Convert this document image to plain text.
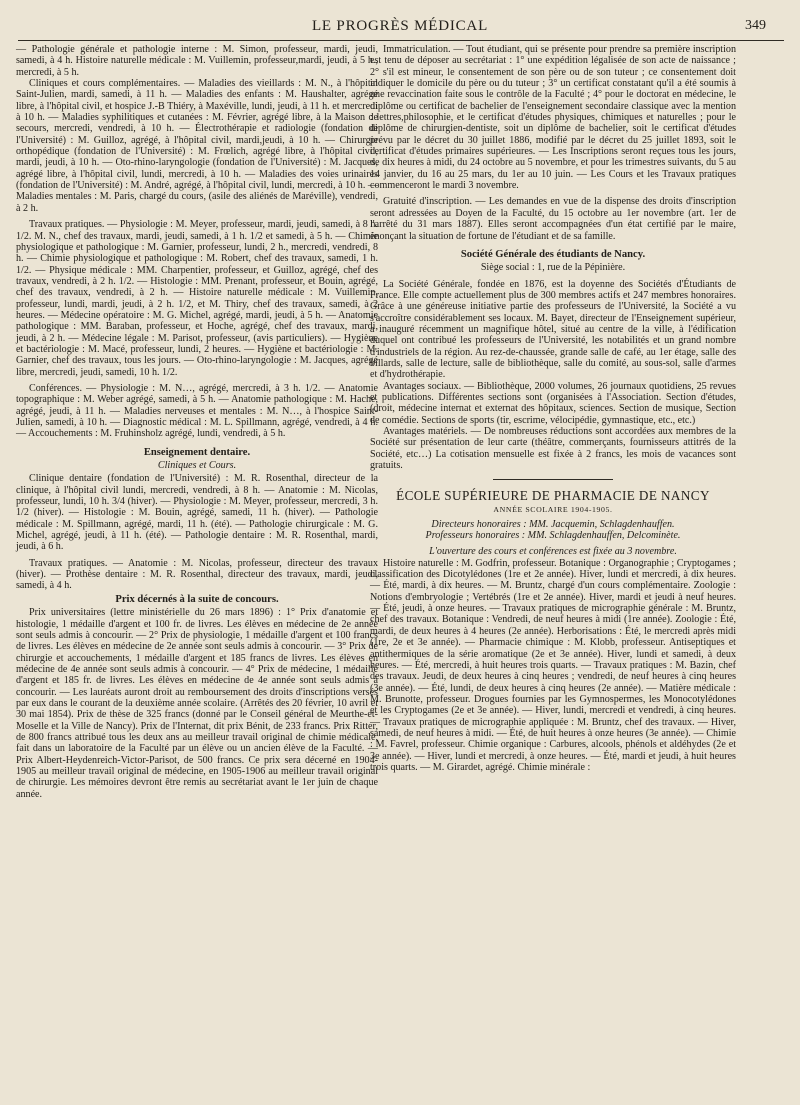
LE PROGRÈS MÉDICAL	349

— Pathologie générale et pathologie interne : M. Simon, professeur, mardi, jeudi, samedi, à 4 h. Histoire naturelle médicale : M. Vuillemin, professeur,mardi, jeudi, à 5 h., mercredi, à 5 h.

Cliniques et cours complémentaires. — Maladies des vieillards : M. N., à l'hôpital Saint-Julien, mardi, samedi, à 11 h. — Maladies des enfants : M. Haushalter, agrégé libre, à l'hôpital civil, et hospice J.-B Thiéry, à Maxéville, lundi, jeudi, à 11 h. et mercredi à 10 h. — Maladies syphilitiques et cutanées : M. Février, agrégé libre, à la Maison de secours, mercredi, vendredi, à 10 h. — Électrothérapie et radiologie (fondation de l'Université) : M. Guilloz, agrégé, à l'hôpital civil, mardi,jeudi, à 10 h. — Chirurgie orthopédique (fondation de l'Université) : M. Frœlich, agrégé libre, à l'hôpital civil, mardi, jeudi, à 10 h. — Oto-rhino-laryngologie (fondation de l'Université) : M. Jacques, agrégé libre, à l'hôpital civil, lundi, mercredi, à 10 h. — Maladies des voies urinaires (fondation de l'Université) : M. André, agrégé, à l'hôpital civil, lundi, mercredi, à 10 h. — Maladies mentales : M. Paris, chargé du cours, (asile des aliénés de Maréville), vendredi, à 2 h.

Travaux pratiques. — Physiologie : M. Meyer, professeur, mardi, jeudi, samedi, à 8 h. 1/2. M. N., chef des travaux, mardi, jeudi, samedi, à 1 h. 1/2 et samedi, à 5 h. — Chimie physiologique et pathologique : M. Garnier, professeur, lundi, 2 h., mercredi, vendredi, 8 h. — Chimie physiologique et pathologique : M. Robert, chef des travaux, samedi, 1 h. 1/2. — Physique médicale : MM. Charpentier, professeur, et Guilloz, agrégé, chef des travaux, vendredi, à 2 h. 1/2. — Histologie : MM. Prenant, professeur, et Bouin, agrégé, chef des travaux, vendredi, à 2 h. — Histoire naturelle médicale : M. Vuillemin, professeur, lundi, mardi, jeudi, à 2 h. 1/2, et M. Thiry, chef des travaux, samedi, à 2 heures. — Médecine opératoire : M. G. Michel, agrégé, mardi, jeudi, à 5 h. — Anatomie pathologique : MM. Baraban, professeur, et Hoche, agrégé, chef des travaux, mardi, jeudi, à 2 h. — Médecine légale : M. Parisot, professeur, (avis particuliers). — Hygiène et bactériologie : M. Macé, professeur, lundi, 2 heures. — Hygiène et bactériologie : M. Garnier, chef des travaux, tous les jours. — Oto-rhino-laryngologie : M. Jacques, agrégé libre, mercredi, jeudi, samedi, 10 h. 1/2.

Conférences. — Physiologie : M. N…, agrégé, mercredi, à 3 h. 1/2. — Anatomie topographique : M. Weber agrégé, samedi, à 5 h. — Anatomie pathologique : M. Hache, agrégé, jeudi, à 11 h. — Maladies nerveuses et mentales : M. N…, à l'hospice Saint-Julien, samedi, à 10 h. — Diagnostic médical : M. L. Spillmann, agrégé, vendredi, à 4 h. — Accouchements : M. Fruhinsholz agrégé, lundi, vendredi, à 5 h.

Enseignement dentaire.
Cliniques et Cours.

Clinique dentaire (fondation de l'Université) : M. R. Rosenthal, directeur de la clinique, à l'hôpital civil lundi, mercredi, vendredi, à 8 h. — Anatomie : M. Nicolas, professeur, lundi, 10 h. 3/4 (hiver). — Physiologie : M. Meyer, professeur, mercredi, 3 h. 1/2 (hiver). — Histologie : M. Bouin, agrégé, samedi, 11 h. (hiver). — Pathologie médicale : M. Spillmann, agrégé, mardi, 11 h. (été). — Pathologie chirurgicale : M. G. Michel, agrégé, jeudi, à 11 h. (été). — Pathologie dentaire : M. R. Rosenthal, mardi, jeudi, à 6 h.

Travaux pratiques. — Anatomie : M. Nicolas, professeur, directeur des travaux (hiver). — Prothèse dentaire : M. R. Rosenthal, directeur des travaux, mardi, jeudi, samedi, à 4 h.

Prix décernés à la suite de concours.

Prix universitaires (lettre ministérielle du 26 mars 1896) : 1° Prix d'anatomie et histologie, 1 médaille d'argent et 100 fr. de livres. Les élèves en médecine de 2e année sont seuls admis à concourir. — 2° Prix de physiologie, 1 médaille d'argent et 100 francs de livres. Les élèves en médecine de 2e année sont seuls admis à concourir. — 3° Prix de chirurgie et accouchements, 1 médaille d'argent et 185 francs de livres. Les élèves en médecine de 4e année sont seuls admis à concourir. — 4° Prix de médecine, 1 médaille d'argent et 185 fr. de livres. Les élèves en médecine de 4e année sont seuls admis à concourir. — Les lauréats auront droit au remboursement des droits d'inscriptions versés par eux dans le courant de la deuxième année scolaire. (Arrêtés des 20 février, 10 avril et 30 mai 1854). Prix de thèse de 325 francs (donné par le Conseil général de Meurthe-et-Moselle et la Ville de Nancy). Prix de l'Internat, dit prix Bénit, de 233 francs. Prix Ritter, de 800 francs attribué tous les deux ans au meilleur travail original de chimie médicale, fait dans un laboratoire de la Faculté par un élève ou un ancien élève de la Faculté. — Prix Albert-Heydenreich-Victor-Parisot, de 500 francs. Ce prix sera décerné en 1904-1905 au meilleur travail original de médecine, en 1905-1906 au meilleur travail original de chirurgie. Les mémoires devront être remis au secrétariat avant le 1er juin de chaque année.

Immatriculation. — Tout étudiant, qui se présente pour prendre sa première inscription est tenu de déposer au secrétariat : 1° une expédition légalisée de son acte de naissance ; 2° s'il est mineur, le consentement de son père ou de son tuteur ; ce consentement doit indiquer le domicile du père ou du tuteur ; 3° un certificat constatant qu'il a été soumis à une revaccination faite sous le contrôle de la Faculté ; 4° pour le doctorat en médecine, le diplôme ou certificat de bachelier de l'enseignement secondaire classique avec la mention : lettres,philosophie, et le certificat d'études physiques, chimiques et naturelles ; pour le diplôme de chirurgien-dentiste, soit un diplôme de bachelier, soit le certificat d'études prévu par le décret du 30 juillet 1886, modifié par le décret du 25 juillet 1893, soit le certificat d'études primaires supérieures. — Les Inscriptions seront reçues tous les jours, de dix heures à midi, du 24 octobre au 5 novembre, et pour les trimestres suivants, du 5 au 14 janvier, du 16 au 25 mars, du 1er au 10 juin. — Les Cours et les Travaux pratiques commenceront le mardi 3 novembre.

Gratuité d'inscription. — Les demandes en vue de la dispense des droits d'inscription seront adressées au Doyen de la Faculté, du 15 octobre au 1er novembre (art. 1er de l'arrêté du 31 mars 1887). Elles seront accompagnées d'un état certifié par le maire, énonçant la situation de fortune de l'étudiant et de sa famille.

Société Générale des étudiants de Nancy.
Siège social : 1, rue de la Pépinière.

La Société Générale, fondée en 1876, est la doyenne des Sociétés d'Étudiants de France. Elle compte actuellement plus de 300 membres actifs et 247 membres honoraires. Grâce à une généreuse initiative partie des professeurs de l'Université, la Société a vu s'accroître considérablement ses locaux. M. Bayet, directeur de l'Enseignement supérieur, a inauguré récemment un magnifique hôtel, situé au centre de la ville, à l'édification duquel ont contribué les professeurs de l'Université, les notabilités et un grand nombre d'industriels de la région. Au rez-de-chaussée, grande salle de café, au 1er étage, salle des billards, salle de lecture, salle de bibliothèque, salle du comité, au sous-sol, salle d'armes et d'hydrothérapie.

Avantages sociaux. — Bibliothèque, 2000 volumes, 26 journaux quotidiens, 25 revues et publications. Différentes sections sont (organisées à l'Association. Section d'études, (droit, médecine internat et externat des hôpitaux, sciences. Section de musique, Section de comédie. Sections de sports (tir, escrime, vélocipédie, gymnastique, etc., etc.)

Avantages matériels. — De nombreuses réductions sont accordées aux membres de la Société sur présentation de leur carte (théâtre, commerçants, fournisseurs attitrés de la Société, etc…) La cotisation mensuelle est fixée à 2 francs, les mois de vacances sont gratuits.

ÉCOLE SUPÉRIEURE DE PHARMACIE DE NANCY
ANNÉE SCOLAIRE 1904-1905.
Directeurs honoraires : MM. Jacquemin, Schlagdenhauffen.
Professeurs honoraires : MM. Schlagdenhauffen, Delcominète.
L'ouverture des cours et conférences est fixée au 3 novembre.

Histoire naturelle : M. Godfrin, professeur. Botanique : Organographie ; Cryptogames ; classification des Dicotylédones (1re et 2e année). Hiver, lundi et mercredi, à dix heures. — Été, mardi, à dix heures. — M. Bruntz, chargé d'un cours complémentaire. Zoologie : Notions d'embryologie ; Vertébrés (1re et 2e année). Hiver, mardi et jeudi à neuf heures. — Été, jeudi, à onze heures. — Travaux pratiques de micrographie générale : M. Bruntz, chef des travaux. Botanique : Vendredi, de neuf heures à midi (1re année). Zoologie : Été, mardi, de deux heures à 4 heures (2e année). Herborisations : Été, le mercredi après midi (1re, 2e et 3e année). — Pharmacie chimique : M. Klobb, professeur. Antiseptiques et antithermiques de la série aromatique (2e et 3e année). Hiver, lundi et samedi, à deux heures. — Été, mercredi, à huit heures trois quarts. — Travaux pratiques : M. Bazin, chef des travaux. Jeudi, de deux heures à cinq heures ; vendredi, de neuf heures à cinq heures (3e année). — Été, lundi, de deux heures à cinq heures (2e année). — Matière médicale : M. Brunotte, professeur. Drogues fournies par les Gymnospermes, les Monocotylédones et les Cryptogames (2e et 3e année). — Hiver, lundi, mercredi et vendredi, à cinq heures. — Travaux pratiques de micrographie appliquée : M. Bruntz, chef des travaux. — Hiver, samedi, de neuf heures à midi. — Été, de huit heures à onze heures (3e année). — Chimie : M. Favrel, professeur. Chimie organique : Carbures, alcools, phénols et aldéhydes (2e et 3e année). — Hiver, lundi et mercredi, à onze heures. — Été, mardi et jeudi, à huit heures trois quarts. — M. Girardet, agrégé. Chimie minérale :
